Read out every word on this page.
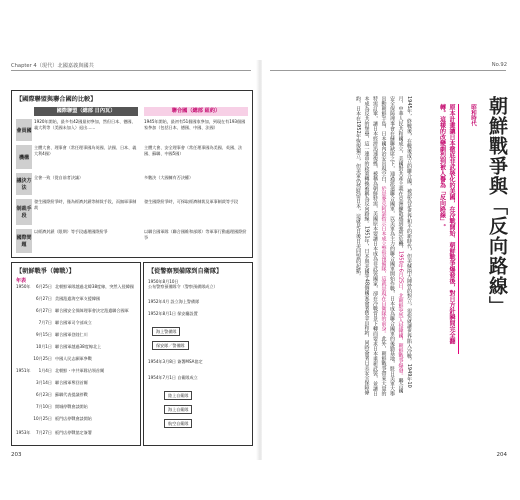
Chapter 4（現代）北國嘉義與國共
【國際聯盟與聯合國的比較】
國際聯盟（總部 日內瓦）	聯合國（總部 紐約）
會員國
1920年開始，最多有42國最初參加，然但日本、德國、義大利等（美國未加入）退出……
1945年開始，最初有51個國家參加，到現在有193個國家參加（包括日本、德國、中國、法國）
機構
主體大會、理事會（常任理事國為英國、法國、日本、義大利4國）
主體大會、安全理事會（常任理事國為美國、英國、法國、蘇聯、中國5國）
議決方法
全會一致（從自前者決議）	多數決（大國擁有否決權）
制裁手段
發生國際紛爭時，僅為經濟封鎖等制裁手段，而無軍事制裁
發生國際紛爭時，可採取經濟制裁及軍事制裁等手段
國際問題
以經濟封鎖（限期）等手段處理國際紛爭	以聯合國軍隊（聯合國維和部隊）等軍事行動處理國際紛爭
【朝鮮戰爭（韓戰）】
年表
1950年 6月25日 北朝鮮軍隊越過北緯38度線，突然入侵韓國
6月27日 美國派遣海空軍支援韓國
6月27日 聯合國安全保障理事會決定派遣聯合國軍
7月7日 聯合國軍司令部成立
9月15日 聯合國軍登陸仁川
10月1日 聯合國軍越過38度線北上
10月25日 中國人民志願軍參戰
1951年 1月4日 北朝鮮・中共軍隊佔領首爾
3月14日 聯合國軍奪回首爾
6月23日 蘇聯代表提議停戰
7月10日 開城停戰會談開始
10月25日 板門店停戰會談開始
1953年 7月27日 板門店停戰協定簽署
【從警察預備隊到自衛隊】
1950年8月10日 公布警察預備隊令（警察預備隊成立）
1952年4月 設立海上警備隊
1952年8月1日 保安廳設置
海上警備隊
保安隊／警備隊
1954年3月8日 簽署MSA協定
1954年7月1日 自衛隊成立
陸上自衛隊
海上自衛隊
航空自衛隊
203
No.92
昭和時代 朝鮮戰爭與「反向路線」
原本計畫讓日本徹底非武裝化的美國，在冷戰開始、朝鮮戰爭爆發後，對日方針瞬間完全翻轉。這樣的改變劇烈到被人譽為「反向路線」。
1945年，終戰後，在戰後成立的聯合國，被認為是世界和平的新時代，但美蘇兩大陣營的對立，很快就讓世界陷入冷戰。1949年10月，中華人民共和國成立，美國對共產主義在亞洲擴散感到強烈危機，1950年6月25日，北朝鮮突然入侵韓國，朝鮮戰爭爆發。聯合國安全保障理事會在蘇聯缺席之下，通過派遣聯合國軍，以美軍為主力的聯合國軍開始作戰，日本成為聯合國軍的後勤基地，駐日美軍大舉出動朝鮮半島，日本國內治安出現空白，於是麥克阿瑟指示日本成立警察預備隊，這就是現在自衛隊的前身。此外，朝鮮戰爭帶來大量的特需訂單，讓日本經濟迅速復甦，被稱為朝鮮特需，美國原本要讓日本成為非武裝國家，卻在冷戰背景下轉而要求日本重新武裝，並讓日本成為反共的堡壘，這一連串的政策轉換被稱為反向路線。1951年，日本與美國等48個國家簽署舊金山和約，同時簽署日美安全保障條約，日本在1952年恢復獨立，但美軍仍然駐留日本，這就是日後日美同盟的起點。
204
